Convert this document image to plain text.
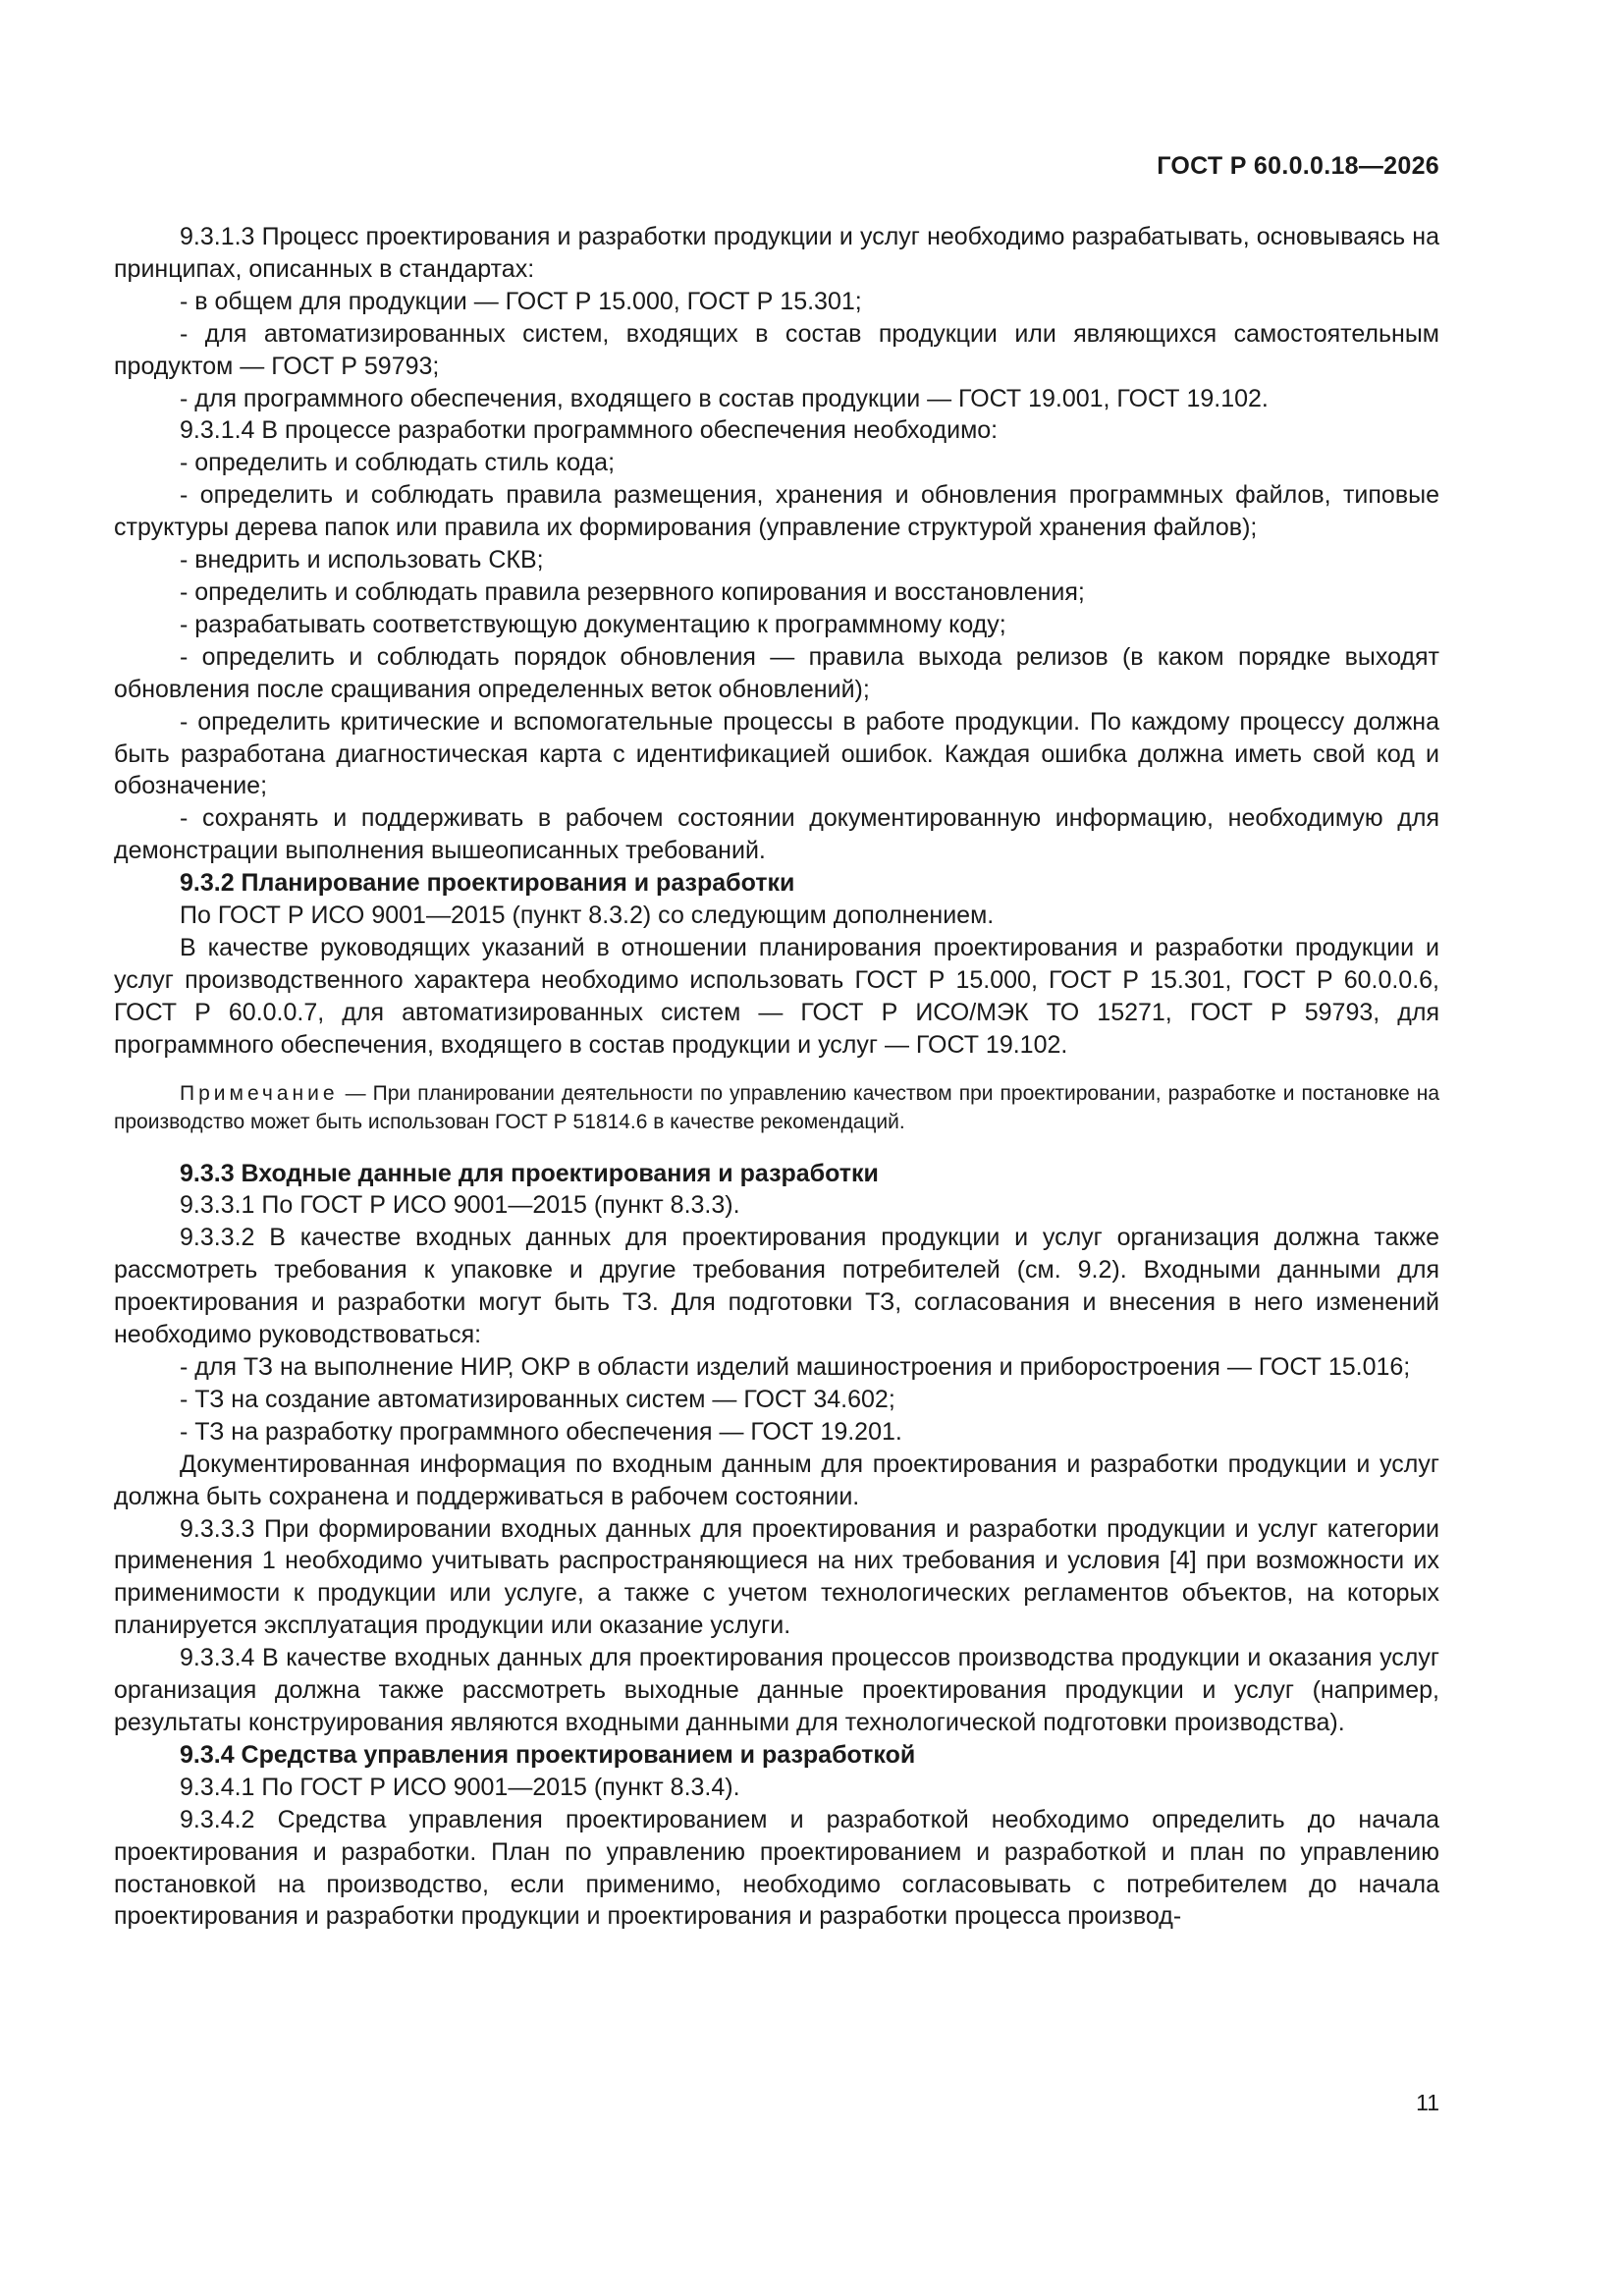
ГОСТ Р 60.0.0.18—2026

9.3.1.3 Процесс проектирования и разработки продукции и услуг необходимо разрабатывать, основываясь на принципах, описанных в стандартах:

- в общем для продукции — ГОСТ Р 15.000, ГОСТ Р 15.301;

- для автоматизированных систем, входящих в состав продукции или являющихся самостоятельным продуктом — ГОСТ Р 59793;

- для программного обеспечения, входящего в состав продукции — ГОСТ 19.001, ГОСТ 19.102.

9.3.1.4 В процессе разработки программного обеспечения необходимо:

- определить и соблюдать стиль кода;

- определить и соблюдать правила размещения, хранения и обновления программных файлов, типовые структуры дерева папок или правила их формирования (управление структурой хранения файлов);

- внедрить и использовать СКВ;

- определить и соблюдать правила резервного копирования и восстановления;

- разрабатывать соответствующую документацию к программному коду;

- определить и соблюдать порядок обновления — правила выхода релизов (в каком порядке выходят обновления после сращивания определенных веток обновлений);

- определить критические и вспомогательные процессы в работе продукции. По каждому процессу должна быть разработана диагностическая карта с идентификацией ошибок. Каждая ошибка должна иметь свой код и обозначение;

- сохранять и поддерживать в рабочем состоянии документированную информацию, необходимую для демонстрации выполнения вышеописанных требований.

9.3.2 Планирование проектирования и разработки

По ГОСТ Р ИСО 9001—2015 (пункт 8.3.2) со следующим дополнением.

В качестве руководящих указаний в отношении планирования проектирования и разработки продукции и услуг производственного характера необходимо использовать ГОСТ Р 15.000, ГОСТ Р 15.301, ГОСТ Р 60.0.0.6, ГОСТ Р 60.0.0.7, для автоматизированных систем — ГОСТ Р ИСО/МЭК ТО 15271, ГОСТ Р 59793, для программного обеспечения, входящего в состав продукции и услуг — ГОСТ 19.102.

Примечание — При планировании деятельности по управлению качеством при проектировании, разработке и постановке на производство может быть использован ГОСТ Р 51814.6 в качестве рекомендаций.

9.3.3 Входные данные для проектирования и разработки

9.3.3.1 По ГОСТ Р ИСО 9001—2015 (пункт 8.3.3).

9.3.3.2 В качестве входных данных для проектирования продукции и услуг организация должна также рассмотреть требования к упаковке и другие требования потребителей (см. 9.2). Входными данными для проектирования и разработки могут быть ТЗ. Для подготовки ТЗ, согласования и внесения в него изменений необходимо руководствоваться:

- для ТЗ на выполнение НИР, ОКР в области изделий машиностроения и приборостроения — ГОСТ 15.016;

- ТЗ на создание автоматизированных систем — ГОСТ 34.602;

- ТЗ на разработку программного обеспечения — ГОСТ 19.201.

Документированная информация по входным данным для проектирования и разработки продукции и услуг должна быть сохранена и поддерживаться в рабочем состоянии.

9.3.3.3 При формировании входных данных для проектирования и разработки продукции и услуг категории применения 1 необходимо учитывать распространяющиеся на них требования и условия [4] при возможности их применимости к продукции или услуге, а также с учетом технологических регламентов объектов, на которых планируется эксплуатация продукции или оказание услуги.

9.3.3.4 В качестве входных данных для проектирования процессов производства продукции и оказания услуг организация должна также рассмотреть выходные данные проектирования продукции и услуг (например, результаты конструирования являются входными данными для технологической подготовки производства).

9.3.4 Средства управления проектированием и разработкой

9.3.4.1 По ГОСТ Р ИСО 9001—2015 (пункт 8.3.4).

9.3.4.2 Средства управления проектированием и разработкой необходимо определить до начала проектирования и разработки. План по управлению проектированием и разработкой и план по управлению постановкой на производство, если применимо, необходимо согласовывать с потребителем до начала проектирования и разработки продукции и проектирования и разработки процесса производ-

11
